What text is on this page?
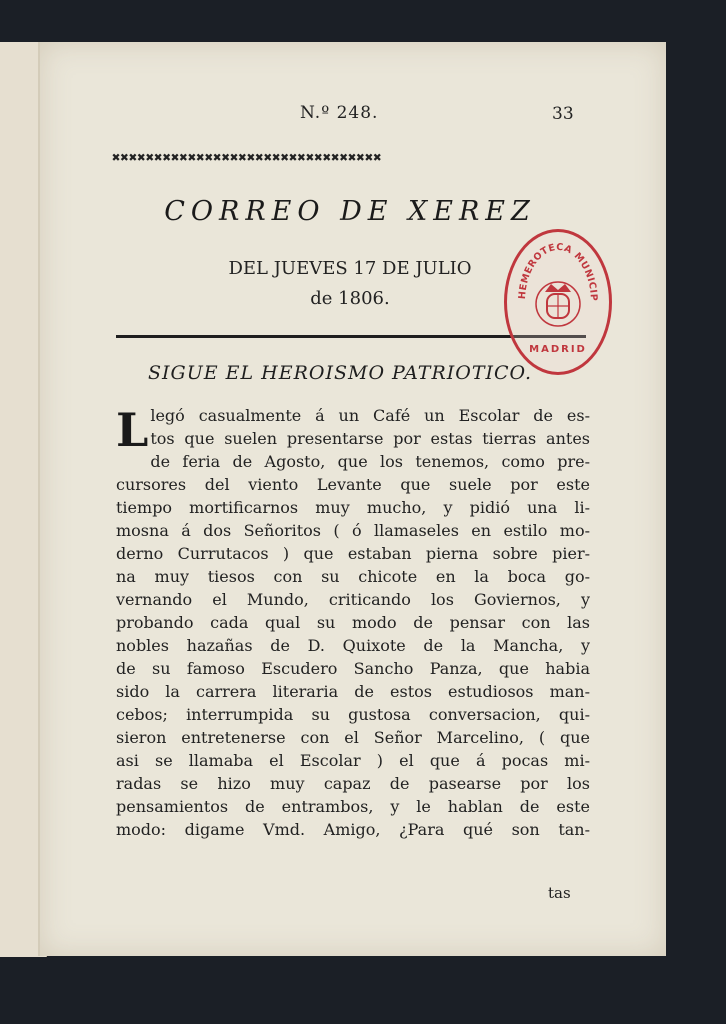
N.º 248.	33
✖✖✖✖✖✖✖✖✖✖✖✖✖✖✖✖✖✖✖✖✖✖✖✖✖✖✖✖✖✖✖✖
CORREO DE XEREZ
DEL JUEVES 17 DE JULIO
de 1806.	HEMEROTECA MUNICIP
MADRID
SIGUE EL HEROISMO PATRIOTICO.
L legó casualmente á un Café un Escolar de es-
tos que suelen presentarse por estas tierras antes
de feria de Agosto, que los tenemos, como pre-
cursores del viento Levante que suele por este
tiempo mortificarnos muy mucho, y pidió una li-
mosna á dos Señoritos ( ó llamaseles en estilo mo-
derno Currutacos ) que estaban pierna sobre pier-
na muy tiesos con su chicote en la boca go-
vernando el Mundo, criticando los Goviernos, y
probando cada qual su modo de pensar con las
nobles hazañas de D. Quixote de la Mancha, y
de su famoso Escudero Sancho Panza, que habia
sido la carrera literaria de estos estudiosos man-
cebos; interrumpida su gustosa conversacion, qui-
sieron entretenerse con el Señor Marcelino, ( que
asi se llamaba el Escolar ) el que á pocas mi-
radas se hizo muy capaz de pasearse por los
pensamientos de entrambos, y le hablan de este
modo: digame Vmd. Amigo, ¿Para qué son tan-
tas
